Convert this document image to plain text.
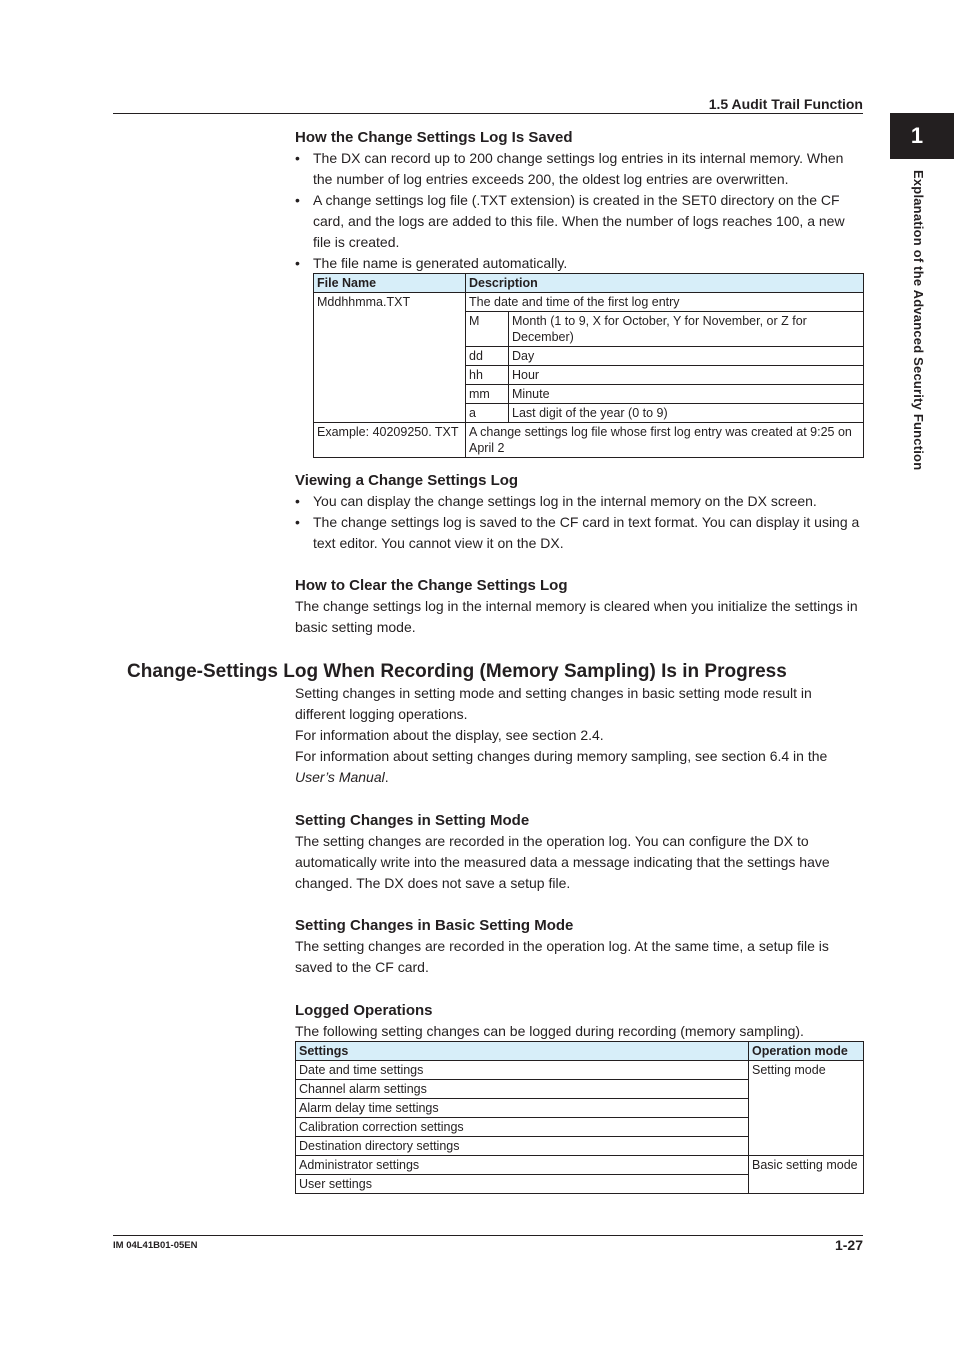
1.5 Audit Trail Function
1
Explanation of the Advanced Security Function
How the Change Settings Log Is Saved
• The DX can record up to 200 change settings log entries in its internal memory. When the number of log entries exceeds 200, the oldest log entries are overwritten.
• A change settings log file (.TXT extension) is created in the SET0 directory on the CF card, and the logs are added to this file. When the number of logs reaches 100, a new file is created.
• The file name is generated automatically.
File Name	Description	
Mddhhmma.TXT	The date and time of the first log entry	
	M	Month (1 to 9, X for October, Y for November, or Z for December)
	dd	Day
	hh	Hour
	mm	Minute
	a	Last digit of the year (0 to 9)
Example: 40209250. TXT	A change settings log file whose first log entry was created at 9:25 on April 2	
Viewing a Change Settings Log
• You can display the change settings log in the internal memory on the DX screen.
• The change settings log is saved to the CF card in text format. You can display it using a text editor. You cannot view it on the DX.
How to Clear the Change Settings Log

The change settings log in the internal memory is cleared when you initialize the settings in basic setting mode.

Change-Settings Log When Recording (Memory Sampling) Is in Progress

Setting changes in setting mode and setting changes in basic setting mode result in different logging operations.

For information about the display, see section 2.4.

For information about setting changes during memory sampling, see section 6.4 in the User’s Manual.

Setting Changes in Setting Mode

The setting changes are recorded in the operation log. You can configure the DX to automatically write into the measured data a message indicating that the settings have changed. The DX does not save a setup file.

Setting Changes in Basic Setting Mode

The setting changes are recorded in the operation log. At the same time, a setup file is saved to the CF card.

Logged Operations

The following setting changes can be logged during recording (memory sampling).

Settings	Operation mode
Date and time settings	Setting mode
Channel alarm settings	
Alarm delay time settings	
Calibration correction settings	
Destination directory settings	
Administrator settings	Basic setting mode
User settings	
IM 04L41B01-05EN	1-27
